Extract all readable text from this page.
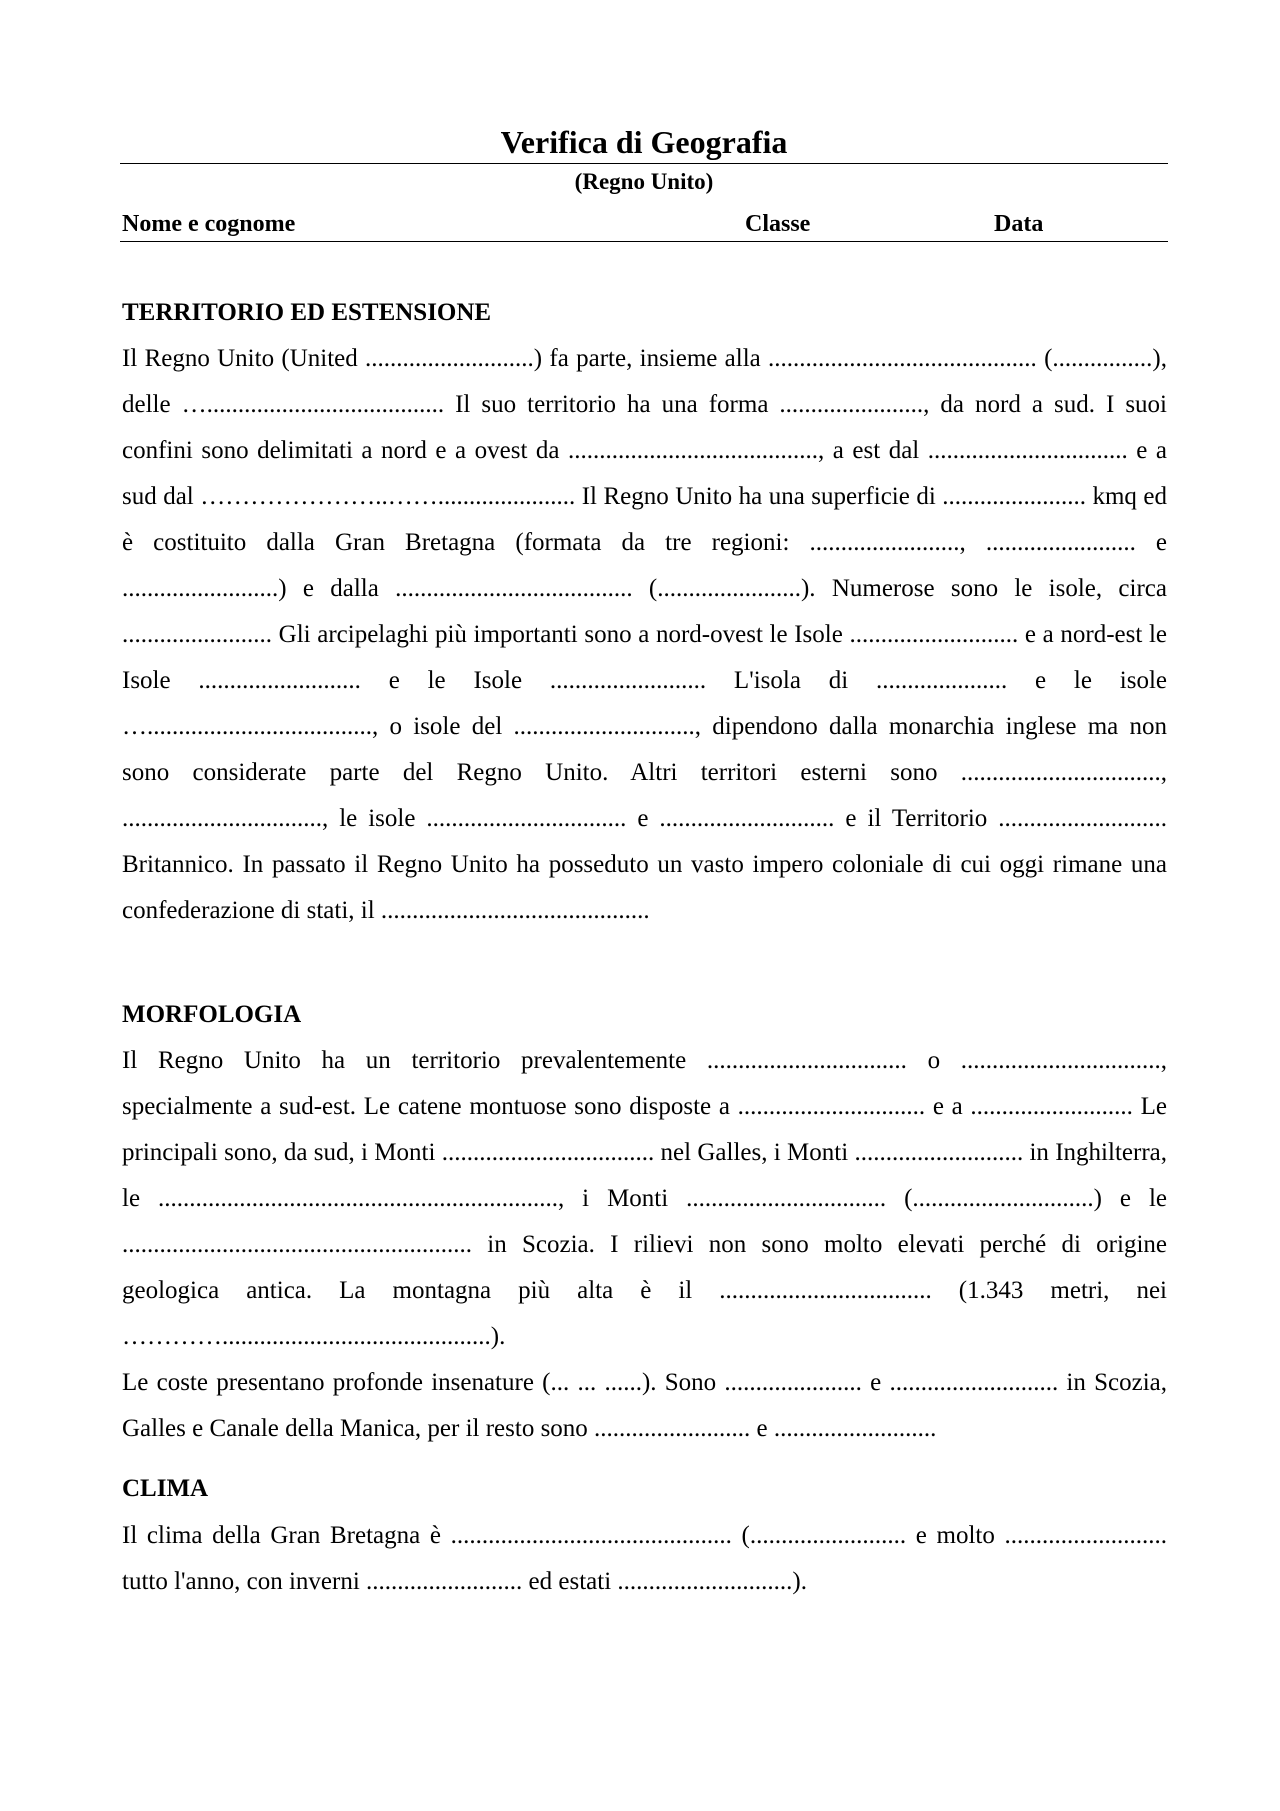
Verifica di Geografia
(Regno Unito)
Nome e cognome	Classe	Data
TERRITORIO ED ESTENSIONE

Il Regno Unito (United ...........................) fa parte, insieme alla ........................................... (................), delle …...................................... Il suo territorio ha una forma ......................., da nord a sud. I suoi confini sono delimitati a nord e a ovest da ........................................, a est dal ................................ e a sud dal …………………..……...................... Il Regno Unito ha una superficie di ....................... kmq ed è costituito dalla Gran Bretagna (formata da tre regioni: ........................, ........................ e .........................) e dalla ...................................... (.......................). Numerose sono le isole, circa ........................ Gli arcipelaghi più importanti sono a nord-ovest le Isole ........................... e a nord-est le Isole .......................... e le Isole ......................... L'isola di ..................... e le isole …...................................., o isole del ............................., dipendono dalla monarchia inglese ma non sono considerate parte del Regno Unito. Altri territori esterni sono ................................, ................................, le isole ................................ e ............................ e il Territorio ........................... Britannico. In passato il Regno Unito ha posseduto un vasto impero coloniale di cui oggi rimane una confederazione di stati, il ...........................................

MORFOLOGIA

Il Regno Unito ha un territorio prevalentemente ................................ o ................................, specialmente a sud-est. Le catene montuose sono disposte a .............................. e a .......................... Le principali sono, da sud, i Monti .................................. nel Galles, i Monti ........................... in Inghilterra, le ................................................................, i Monti ................................ (.............................) e le ........................................................ in Scozia. I rilievi non sono molto elevati perché di origine geologica antica. La montagna più alta è il .................................. (1.343 metri, nei …………...........................................).

Le coste presentano profonde insenature (... ... ......). Sono ...................... e ........................... in Scozia, Galles e Canale della Manica, per il resto sono ......................... e ..........................

CLIMA

Il clima della Gran Bretagna è ............................................. (......................... e molto .......................... tutto l'anno, con inverni ......................... ed estati ............................).
